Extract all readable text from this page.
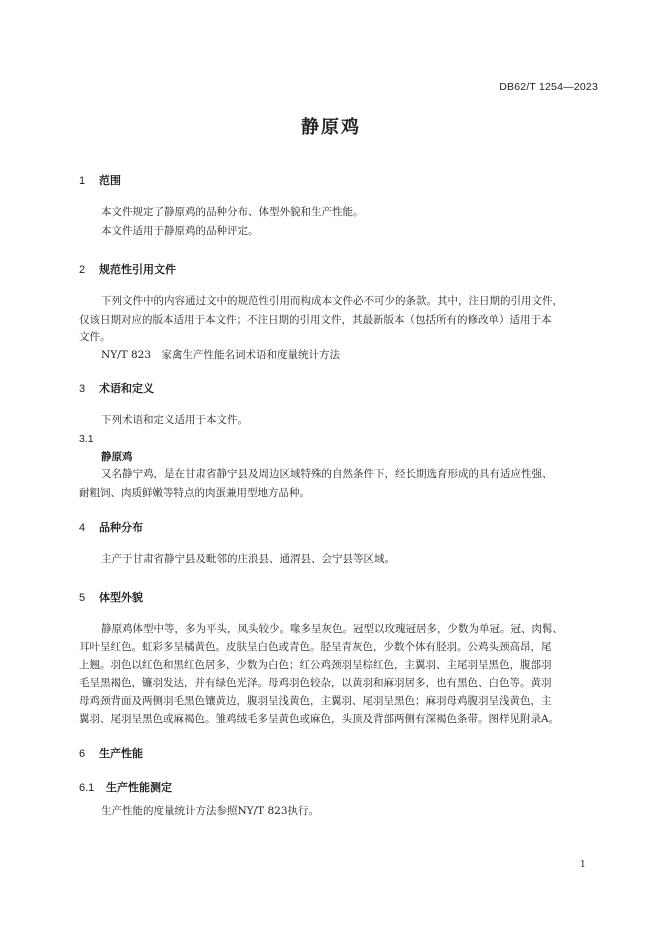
DB62/T 1254—2023
静原鸡
1 范围
本文件规定了静原鸡的品种分布、体型外貌和生产性能。
本文件适用于静原鸡的品种评定。
2 规范性引用文件
下列文件中的内容通过文中的规范性引用而构成本文件必不可少的条款。其中，注日期的引用文件，
仅该日期对应的版本适用于本文件；不注日期的引用文件，其最新版本（包括所有的修改单）适用于本
文件。
NY/T 823　家禽生产性能名词术语和度量统计方法
3 术语和定义
下列术语和定义适用于本文件。
3.1
静原鸡
又名静宁鸡，是在甘肃省静宁县及周边区域特殊的自然条件下，经长期选育形成的具有适应性强、
耐粗饲、肉质鲜嫩等特点的肉蛋兼用型地方品种。
4 品种分布
主产于甘肃省静宁县及毗邻的庄浪县、通渭县、会宁县等区域。
5 体型外貌
静原鸡体型中等，多为平头，凤头较少。喙多呈灰色。冠型以玫瑰冠居多，少数为单冠。冠、肉髯、
耳叶呈红色。虹彩多呈橘黄色。皮肤呈白色或青色。胫呈青灰色，少数个体有胫羽。公鸡头颈高昂，尾
上翘。羽色以红色和黑红色居多，少数为白色；红公鸡颈羽呈棕红色，主翼羽、主尾羽呈黑色，腹部羽
毛呈黑褐色，镰羽发达，并有绿色光泽。母鸡羽色较杂，以黄羽和麻羽居多，也有黑色、白色等。黄羽
母鸡颈背面及两侧羽毛黑色镶黄边，腹羽呈浅黄色，主翼羽、尾羽呈黑色；麻羽母鸡腹羽呈浅黄色，主
翼羽、尾羽呈黑色或麻褐色。雏鸡绒毛多呈黄色或麻色，头顶及背部两侧有深褐色条带。图样见附录A。
6 生产性能
6.1 生产性能测定
生产性能的度量统计方法参照NY/T 823执行。
1
